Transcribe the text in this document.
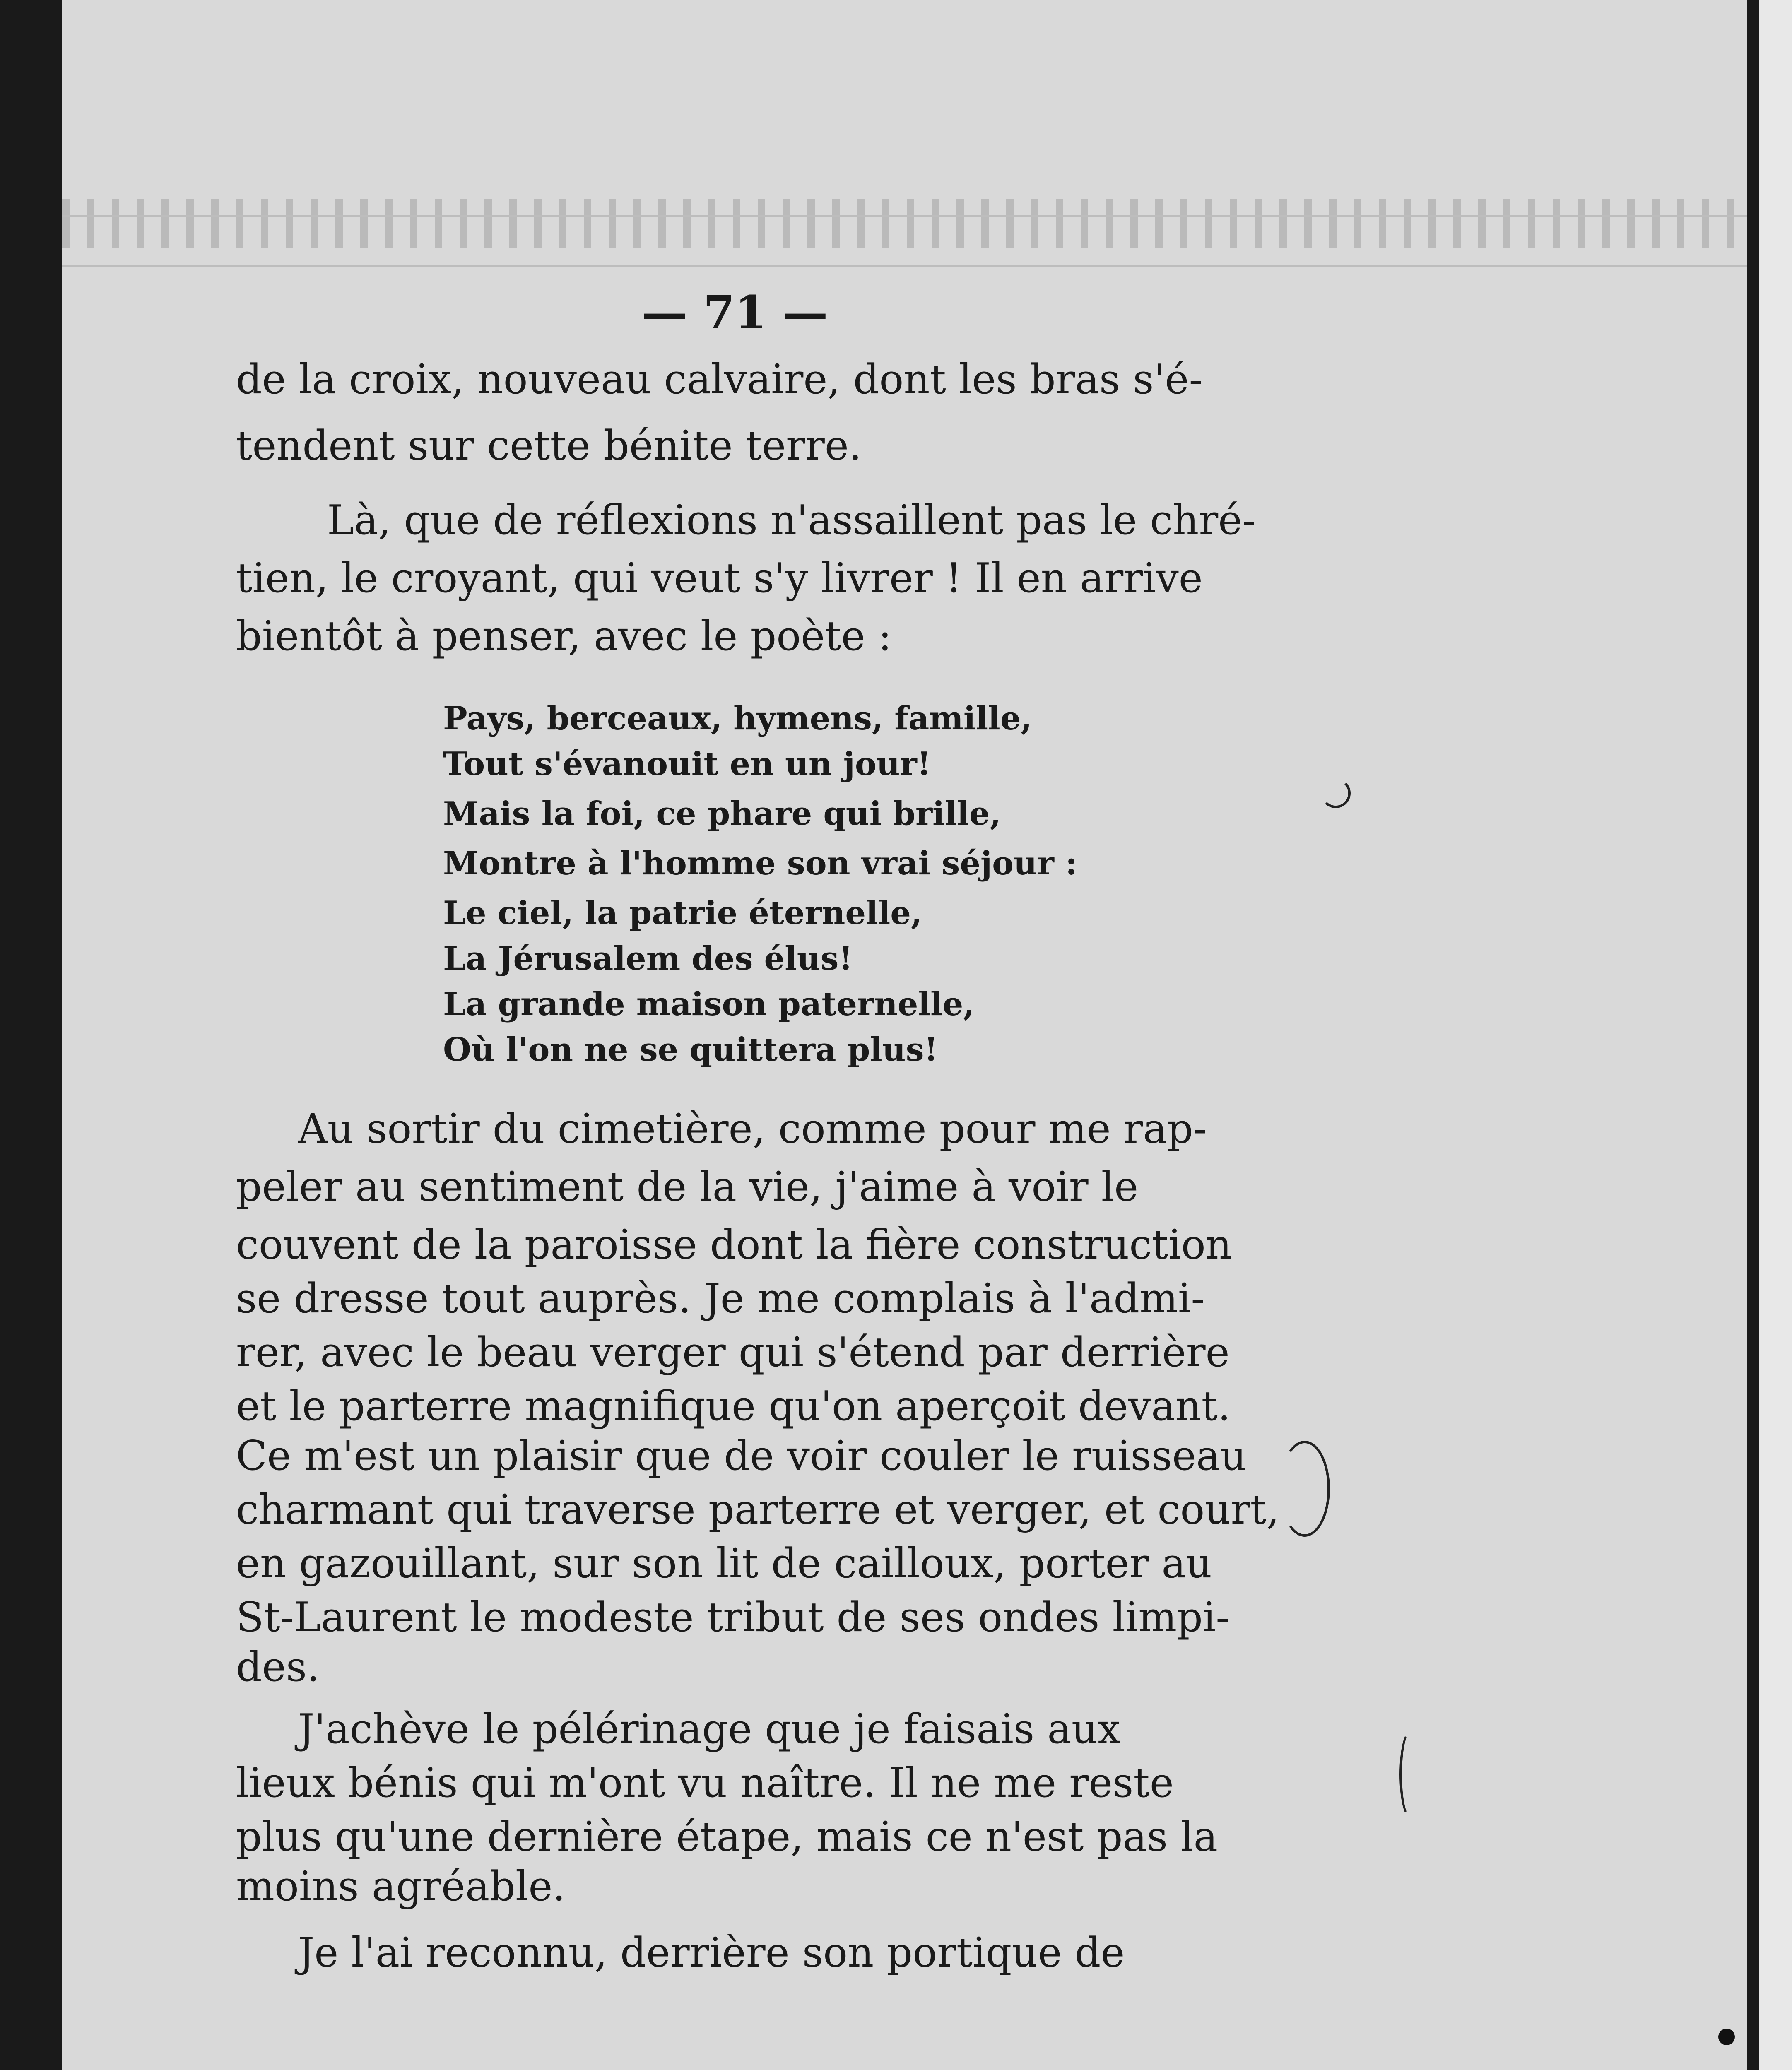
— 71 —
de la croix, nouveau calvaire, dont les bras s'é-
tendent sur cette bénite terre.
Là, que de réflexions n'assaillent pas le chré-
tien, le croyant, qui veut s'y livrer ! Il en arrive
bientôt à penser, avec le poète :
Pays, berceaux, hymens, famille,
Tout s'évanouit en un jour!
Mais la foi, ce phare qui brille,
Montre à l'homme son vrai séjour :
Le ciel, la patrie éternelle,
La Jérusalem des élus!
La grande maison paternelle,
Où l'on ne se quittera plus!
Au sortir du cimetière, comme pour me rap-
peler au sentiment de la vie, j'aime à voir le
couvent de la paroisse dont la fière construction
se dresse tout auprès. Je me complais à l'admi-
rer, avec le beau verger qui s'étend par derrière
et le parterre magnifique qu'on aperçoit devant.
Ce m'est un plaisir que de voir couler le ruisseau
charmant qui traverse parterre et verger, et court,
en gazouillant, sur son lit de cailloux, porter au
St-Laurent le modeste tribut de ses ondes limpi-
des.
J'achève le pélérinage que je faisais aux
lieux bénis qui m'ont vu naître. Il ne me reste
plus qu'une dernière étape, mais ce n'est pas la
moins agréable.
Je l'ai reconnu, derrière son portique de
